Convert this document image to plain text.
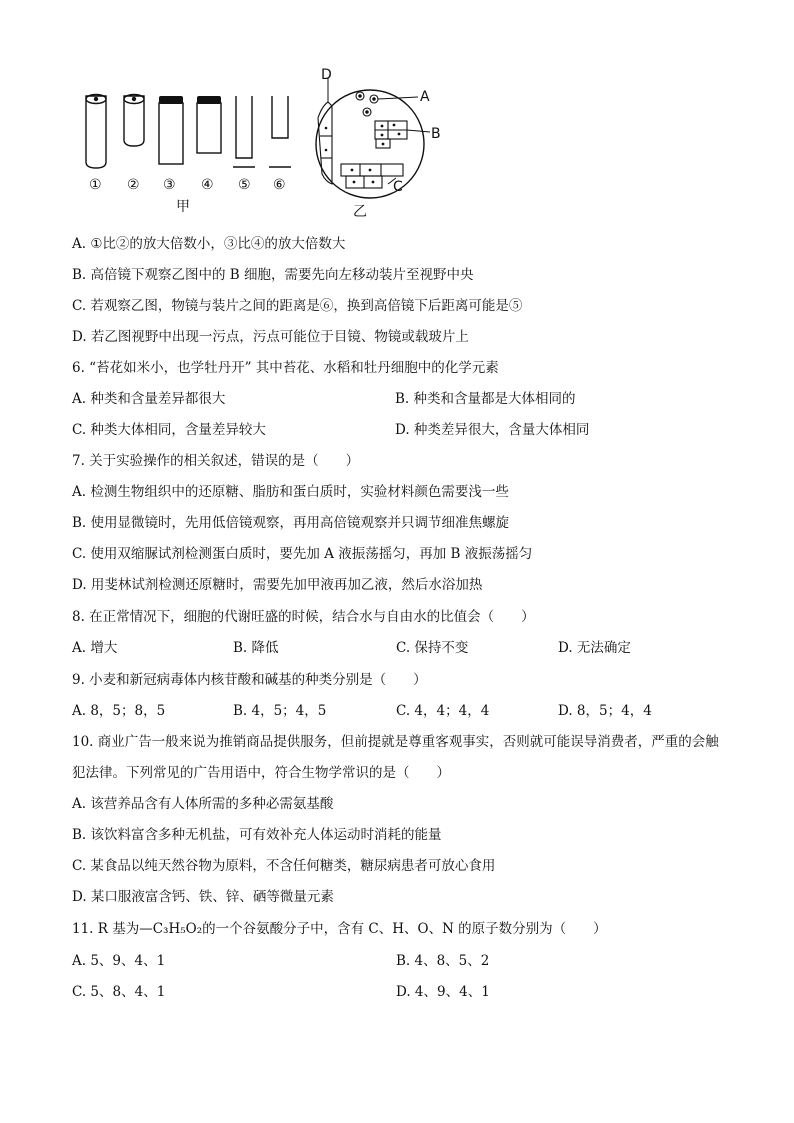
① ② ③ ④ ⑤ ⑥
甲	乙
A
B
C
D
A. ①比②的放大倍数小，③比④的放大倍数大
B. 高倍镜下观察乙图中的 B 细胞，需要先向左移动装片至视野中央
C. 若观察乙图，物镜与装片之间的距离是⑥，换到高倍镜下后距离可能是⑤
D. 若乙图视野中出现一污点，污点可能位于目镜、物镜或载玻片上
6. “苔花如米小，也学牡丹开” 其中苔花、水稻和牡丹细胞中的化学元素
A. 种类和含量差异都很大	B. 种类和含量都是大体相同的
C. 种类大体相同，含量差异较大	D. 种类差异很大，含量大体相同
7. 关于实验操作的相关叙述，错误的是（　　）
A. 检测生物组织中的还原糖、脂肪和蛋白质时，实验材料颜色需要浅一些
B. 使用显微镜时，先用低倍镜观察，再用高倍镜观察并只调节细准焦螺旋
C. 使用双缩脲试剂检测蛋白质时，要先加 A 液振荡摇匀，再加 B 液振荡摇匀
D. 用斐林试剂检测还原糖时，需要先加甲液再加乙液，然后水浴加热
8. 在正常情况下，细胞的代谢旺盛的时候，结合水与自由水的比值会（　　）
A. 增大	B. 降低	C. 保持不变	D. 无法确定
9. 小麦和新冠病毒体内核苷酸和碱基的种类分别是（　　）
A. 8，5；8，5	B. 4，5；4，5	C. 4，4；4，4	D. 8，5；4，4
10. 商业广告一般来说为推销商品提供服务，但前提就是尊重客观事实，否则就可能误导消费者，严重的会触犯法律。下列常见的广告用语中，符合生物学常识的是（　　）
A. 该营养品含有人体所需的多种必需氨基酸
B. 该饮料富含多种无机盐，可有效补充人体运动时消耗的能量
C. 某食品以纯天然谷物为原料，不含任何糖类，糖尿病患者可放心食用
D. 某口服液富含钙、铁、锌、硒等微量元素
11. R 基为—C₃H₅O₂的一个谷氨酸分子中，含有 C、H、O、N 的原子数分别为（　　）
A. 5、9、4、1	B. 4、8、5、2
C. 5、8、4、1	D. 4、9、4、1
